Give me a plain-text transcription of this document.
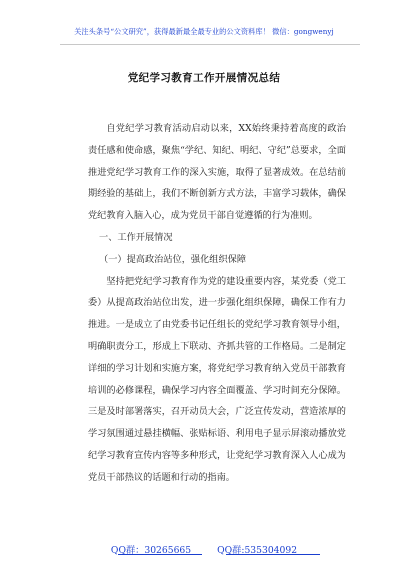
关注头条号“公文研究”，获得最新最全最专业的公文资料库！ 微信：gongwenyj
党纪学习教育工作开展情况总结

自党纪学习教育活动启动以来，XX始终秉持着高度的政治责任感和使命感，聚焦“学纪、知纪、明纪、守纪”总要求，全面推进党纪学习教育工作的深入实施，取得了显著成效。在总结前期经验的基础上，我们不断创新方式方法，丰富学习载体，确保党纪教育入脑入心，成为党员干部自觉遵循的行为准则。

一、工作开展情况

（一）提高政治站位，强化组织保障

坚持把党纪学习教育作为党的建设重要内容，某党委（党工委）从提高政治站位出发，进一步强化组织保障，确保工作有力推进。一是成立了由党委书记任组长的党纪学习教育领导小组，明确职责分工，形成上下联动、齐抓共管的工作格局。二是制定详细的学习计划和实施方案，将党纪学习教育纳入党员干部教育培训的必修课程，确保学习内容全面覆盖、学习时间充分保障。三是及时部署落实，召开动员大会，广泛宣传发动，营造浓厚的学习氛围通过悬挂横幅、张贴标语、利用电子显示屏滚动播放党纪学习教育宣传内容等多种形式，让党纪学习教育深入人心成为党员干部热议的话题和行动的指南。

QQ群：30265665	QQ群:535304092
